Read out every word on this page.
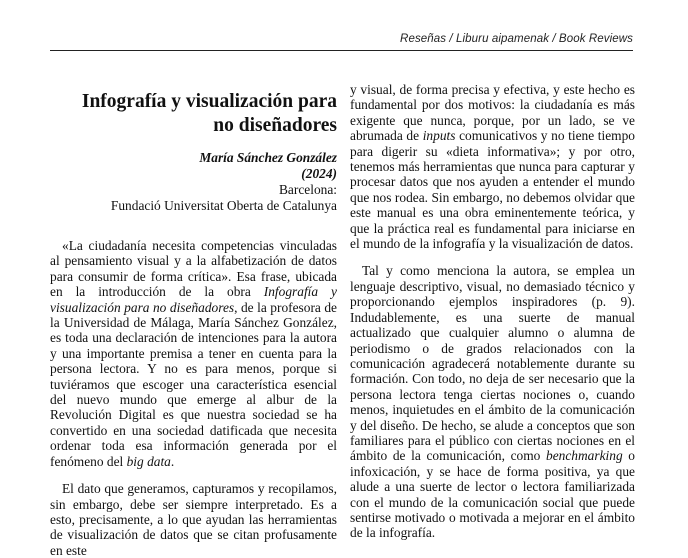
Reseñas / Liburu aipamenak / Book Reviews
Infografía y visualización para no diseñadores
María Sánchez González
(2024)
Barcelona:
Fundació Universitat Oberta de Catalunya

«La ciudadanía necesita competencias vinculadas al pensamiento visual y a la alfabetización de datos para consumir de forma crítica». Esa frase, ubicada en la introducción de la obra Infografía y visualización para no diseñadores, de la profesora de la Universidad de Málaga, María Sánchez González, es toda una declaración de intenciones para la autora y una importante premisa a tener en cuenta para la persona lectora. Y no es para menos, porque si tuviéramos que escoger una característica esencial del nuevo mundo que emerge al albur de la Revolución Digital es que nuestra sociedad se ha convertido en una sociedad datificada que necesita ordenar toda esa información generada por el fenómeno del big data.

El dato que generamos, capturamos y recopilamos, sin embargo, debe ser siempre interpretado. Es a esto, precisamente, a lo que ayudan las herramientas de visualización de datos que se citan profusamente en este

y visual, de forma precisa y efectiva, y este hecho es fundamental por dos motivos: la ciudadanía es más exigente que nunca, porque, por un lado, se ve abrumada de inputs comunicativos y no tiene tiempo para digerir su «dieta informativa»; y por otro, tenemos más herramientas que nunca para capturar y procesar datos que nos ayuden a entender el mundo que nos rodea. Sin embargo, no debemos olvidar que este manual es una obra eminentemente teórica, y que la práctica real es fundamental para iniciarse en el mundo de la infografía y la visualización de datos.

Tal y como menciona la autora, se emplea un lenguaje descriptivo, visual, no demasiado técnico y proporcionando ejemplos inspiradores (p. 9). Indudablemente, es una suerte de manual actualizado que cualquier alumno o alumna de periodismo o de grados relacionados con la comunicación agradecerá notablemente durante su formación. Con todo, no deja de ser necesario que la persona lectora tenga ciertas nociones o, cuando menos, inquietudes en el ámbito de la comunicación y del diseño. De hecho, se alude a conceptos que son familiares para el público con ciertas nociones en el ámbito de la comunicación, como benchmarking o infoxicación, y se hace de forma positiva, ya que alude a una suerte de lector o lectora familiarizada con el mundo de la comunicación social que puede sentirse motivado o motivada a mejorar en el ámbito de la infografía.
